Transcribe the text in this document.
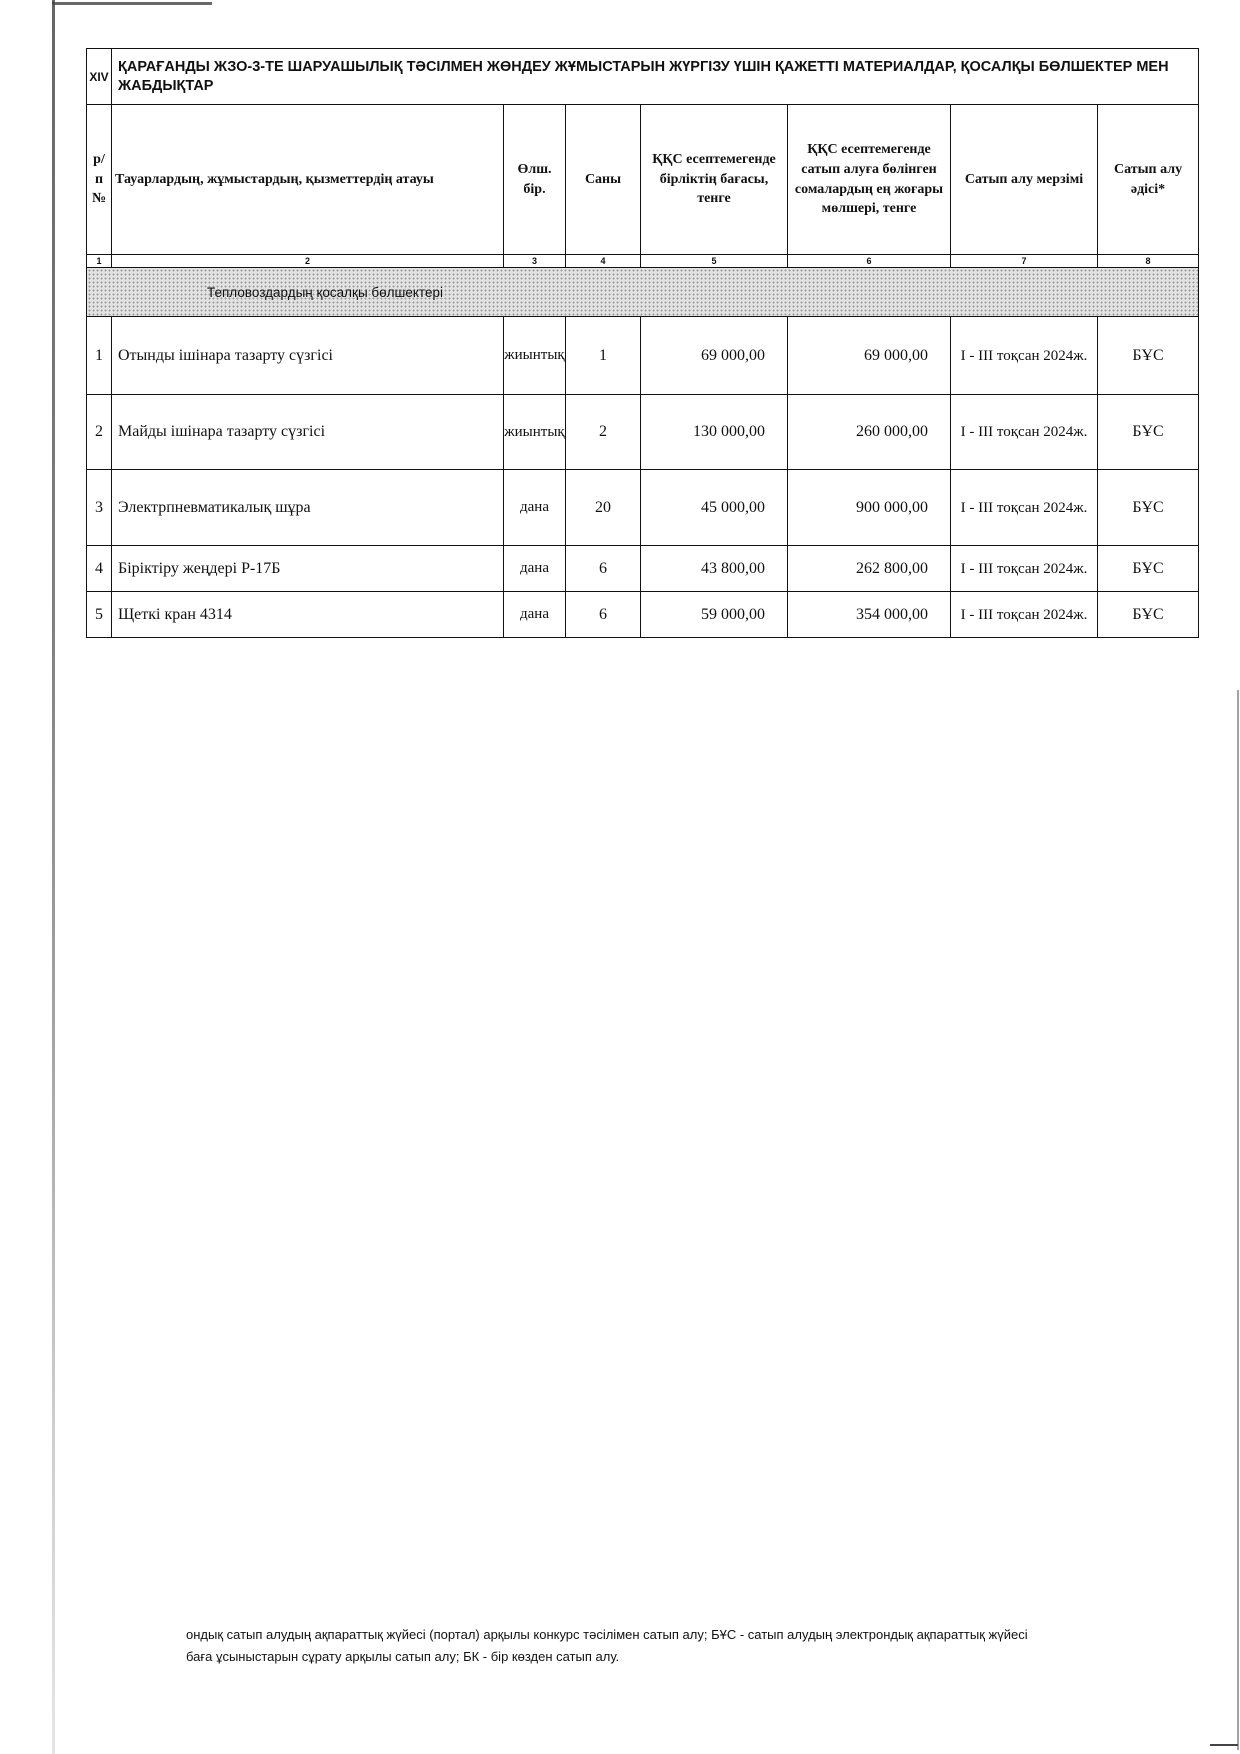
XIV	ҚАРАҒАНДЫ ЖЗО-3-ТЕ ШАРУАШЫЛЫҚ ТӘСІЛМЕН ЖӨНДЕУ ЖҰМЫСТАРЫН ЖҮРГІЗУ ҮШІН ҚАЖЕТТІ МАТЕРИАЛДАР, ҚОСАЛҚЫ БӨЛШЕКТЕР МЕН ЖАБДЫҚТАР						
р/п №	Тауарлардың, жұмыстардың, қызметтердің атауы	Өлш. бір.	Саны	ҚҚС есептемегенде бірліктің бағасы, тенге	ҚҚС есептемегенде сатып алуға бөлінген сомалардың ең жоғары мөлшері, тенге	Сатып алу мерзімі	Сатып алу әдісі*
1	2	3	4	5	6	7	8
Тепловоздардың қосалқы бөлшектері							
1	Отынды ішінара тазарту сүзгісі	жиынтық	1	69 000,00	69 000,00	I - III тоқсан 2024ж.	БҰС
2	Майды ішінара тазарту сүзгісі	жиынтық	2	130 000,00	260 000,00	I - III тоқсан 2024ж.	БҰС
3	Электрпневматикалық шұра	дана	20	45 000,00	900 000,00	I - III тоқсан 2024ж.	БҰС
4	Біріктіру жеңдері Р-17Б	дана	6	43 800,00	262 800,00	I - III тоқсан 2024ж.	БҰС
5	Щеткі кран 4314	дана	6	59 000,00	354 000,00	I - III тоқсан 2024ж.	БҰС
ондық сатып алудың ақпараттық жүйесі (портал) арқылы конкурс тәсілімен сатып алу; БҰС - сатып алудың электрондық ақпараттық жүйесі
баға ұсыныстарын сұрату арқылы сатып алу; БК - бір көзден сатып алу.
